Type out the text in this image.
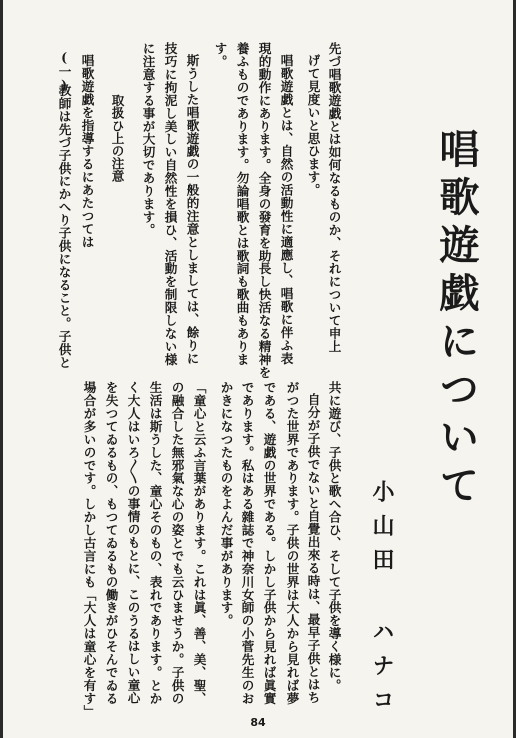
唱歌遊戯について
小山田 ハナコ
先づ唱歌遊戯とは如何なるものか、それについて申上
げて見度いと思ひます。
唱歌遊戯とは、自然の活動性に適應し、唱歌に伴ふ表
現的動作にあります。全身の發育を助長し快活なる精神を
養ふものであります。勿論唱歌とは歌詞も歌曲もありま
す。
斯うした唱歌遊戯の一般的注意としましては、餘りに
技巧に拘泥し美しい自然性を損ひ、活動を制限しない様
に注意する事が大切であります。
取扱ひ上の注意
唱歌遊戯を指導するにあたつては
(一)
教師は先づ子供にかへり子供になること。子供と
共に遊び、子供と歌へ合ひ、そして子供を導く様に。
自分が子供でないと自覺出來る時は、最早子供とはち
がつた世界であります。子供の世界は大人から見れば夢
である、遊戯の世界である。しかし子供から見れば眞實
であります。私はある雜誌で神奈川女師の小菅先生のお
かきになつたものをよんだ事があります。
「童心と云ふ言葉があります。これは眞、善、美、聖、
の融合した無邪氣な心の姿とでも云ひませうか。子供の
生活は斯うした、童心そのもの、表れであります。とか
く大人はいろ〳〵の事情のもとに、このうるはしい童心
を失つてゐるもの、もつてゐるもの働きがひそんでゐる
場合が多いのです。しかし古言にも「大人は童心を有す」
84
